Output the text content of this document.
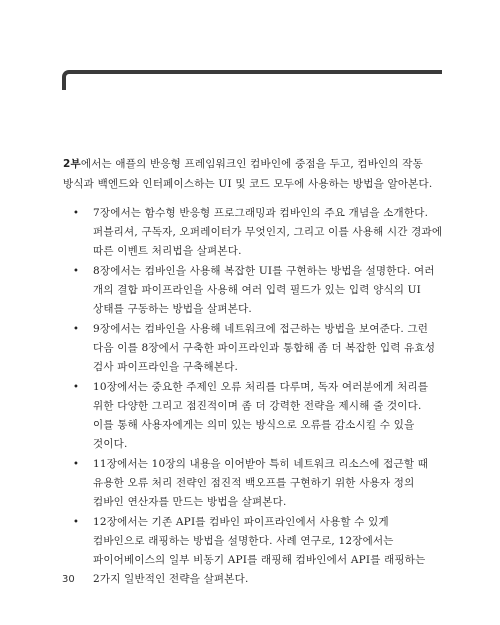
2부에서는 애플의 반응형 프레임워크인 컴바인에 중점을 두고, 컴바인의 작동 방식과 백엔드와 인터페이스하는 UI 및 코드 모두에 사용하는 방법을 알아본다.

• 7장에서는 함수형 반응형 프로그래밍과 컴바인의 주요 개념을 소개한다. 퍼블리셔, 구독자, 오퍼레이터가 무엇인지, 그리고 이를 사용해 시간 경과에 따른 이벤트 처리법을 살펴본다.
• 8장에서는 컴바인을 사용해 복잡한 UI를 구현하는 방법을 설명한다. 여러 개의 결합 파이프라인을 사용해 여러 입력 필드가 있는 입력 양식의 UI 상태를 구동하는 방법을 살펴본다.
• 9장에서는 컴바인을 사용해 네트워크에 접근하는 방법을 보여준다. 그런 다음 이를 8장에서 구축한 파이프라인과 통합해 좀 더 복잡한 입력 유효성 검사 파이프라인을 구축해본다.
• 10장에서는 중요한 주제인 오류 처리를 다루며, 독자 여러분에게 처리를 위한 다양한 그리고 점진적이며 좀 더 강력한 전략을 제시해 줄 것이다. 이를 통해 사용자에게는 의미 있는 방식으로 오류를 감소시킬 수 있을 것이다.
• 11장에서는 10장의 내용을 이어받아 특히 네트워크 리소스에 접근할 때 유용한 오류 처리 전략인 점진적 백오프를 구현하기 위한 사용자 정의 컴바인 연산자를 만드는 방법을 살펴본다.
• 12장에서는 기존 API를 컴바인 파이프라인에서 사용할 수 있게 컴바인으로 래핑하는 방법을 설명한다. 사례 연구로, 12장에서는 파이어베이스의 일부 비동기 API를 래핑해 컴바인에서 API를 래핑하는 2가지 일반적인 전략을 살펴본다.
30
